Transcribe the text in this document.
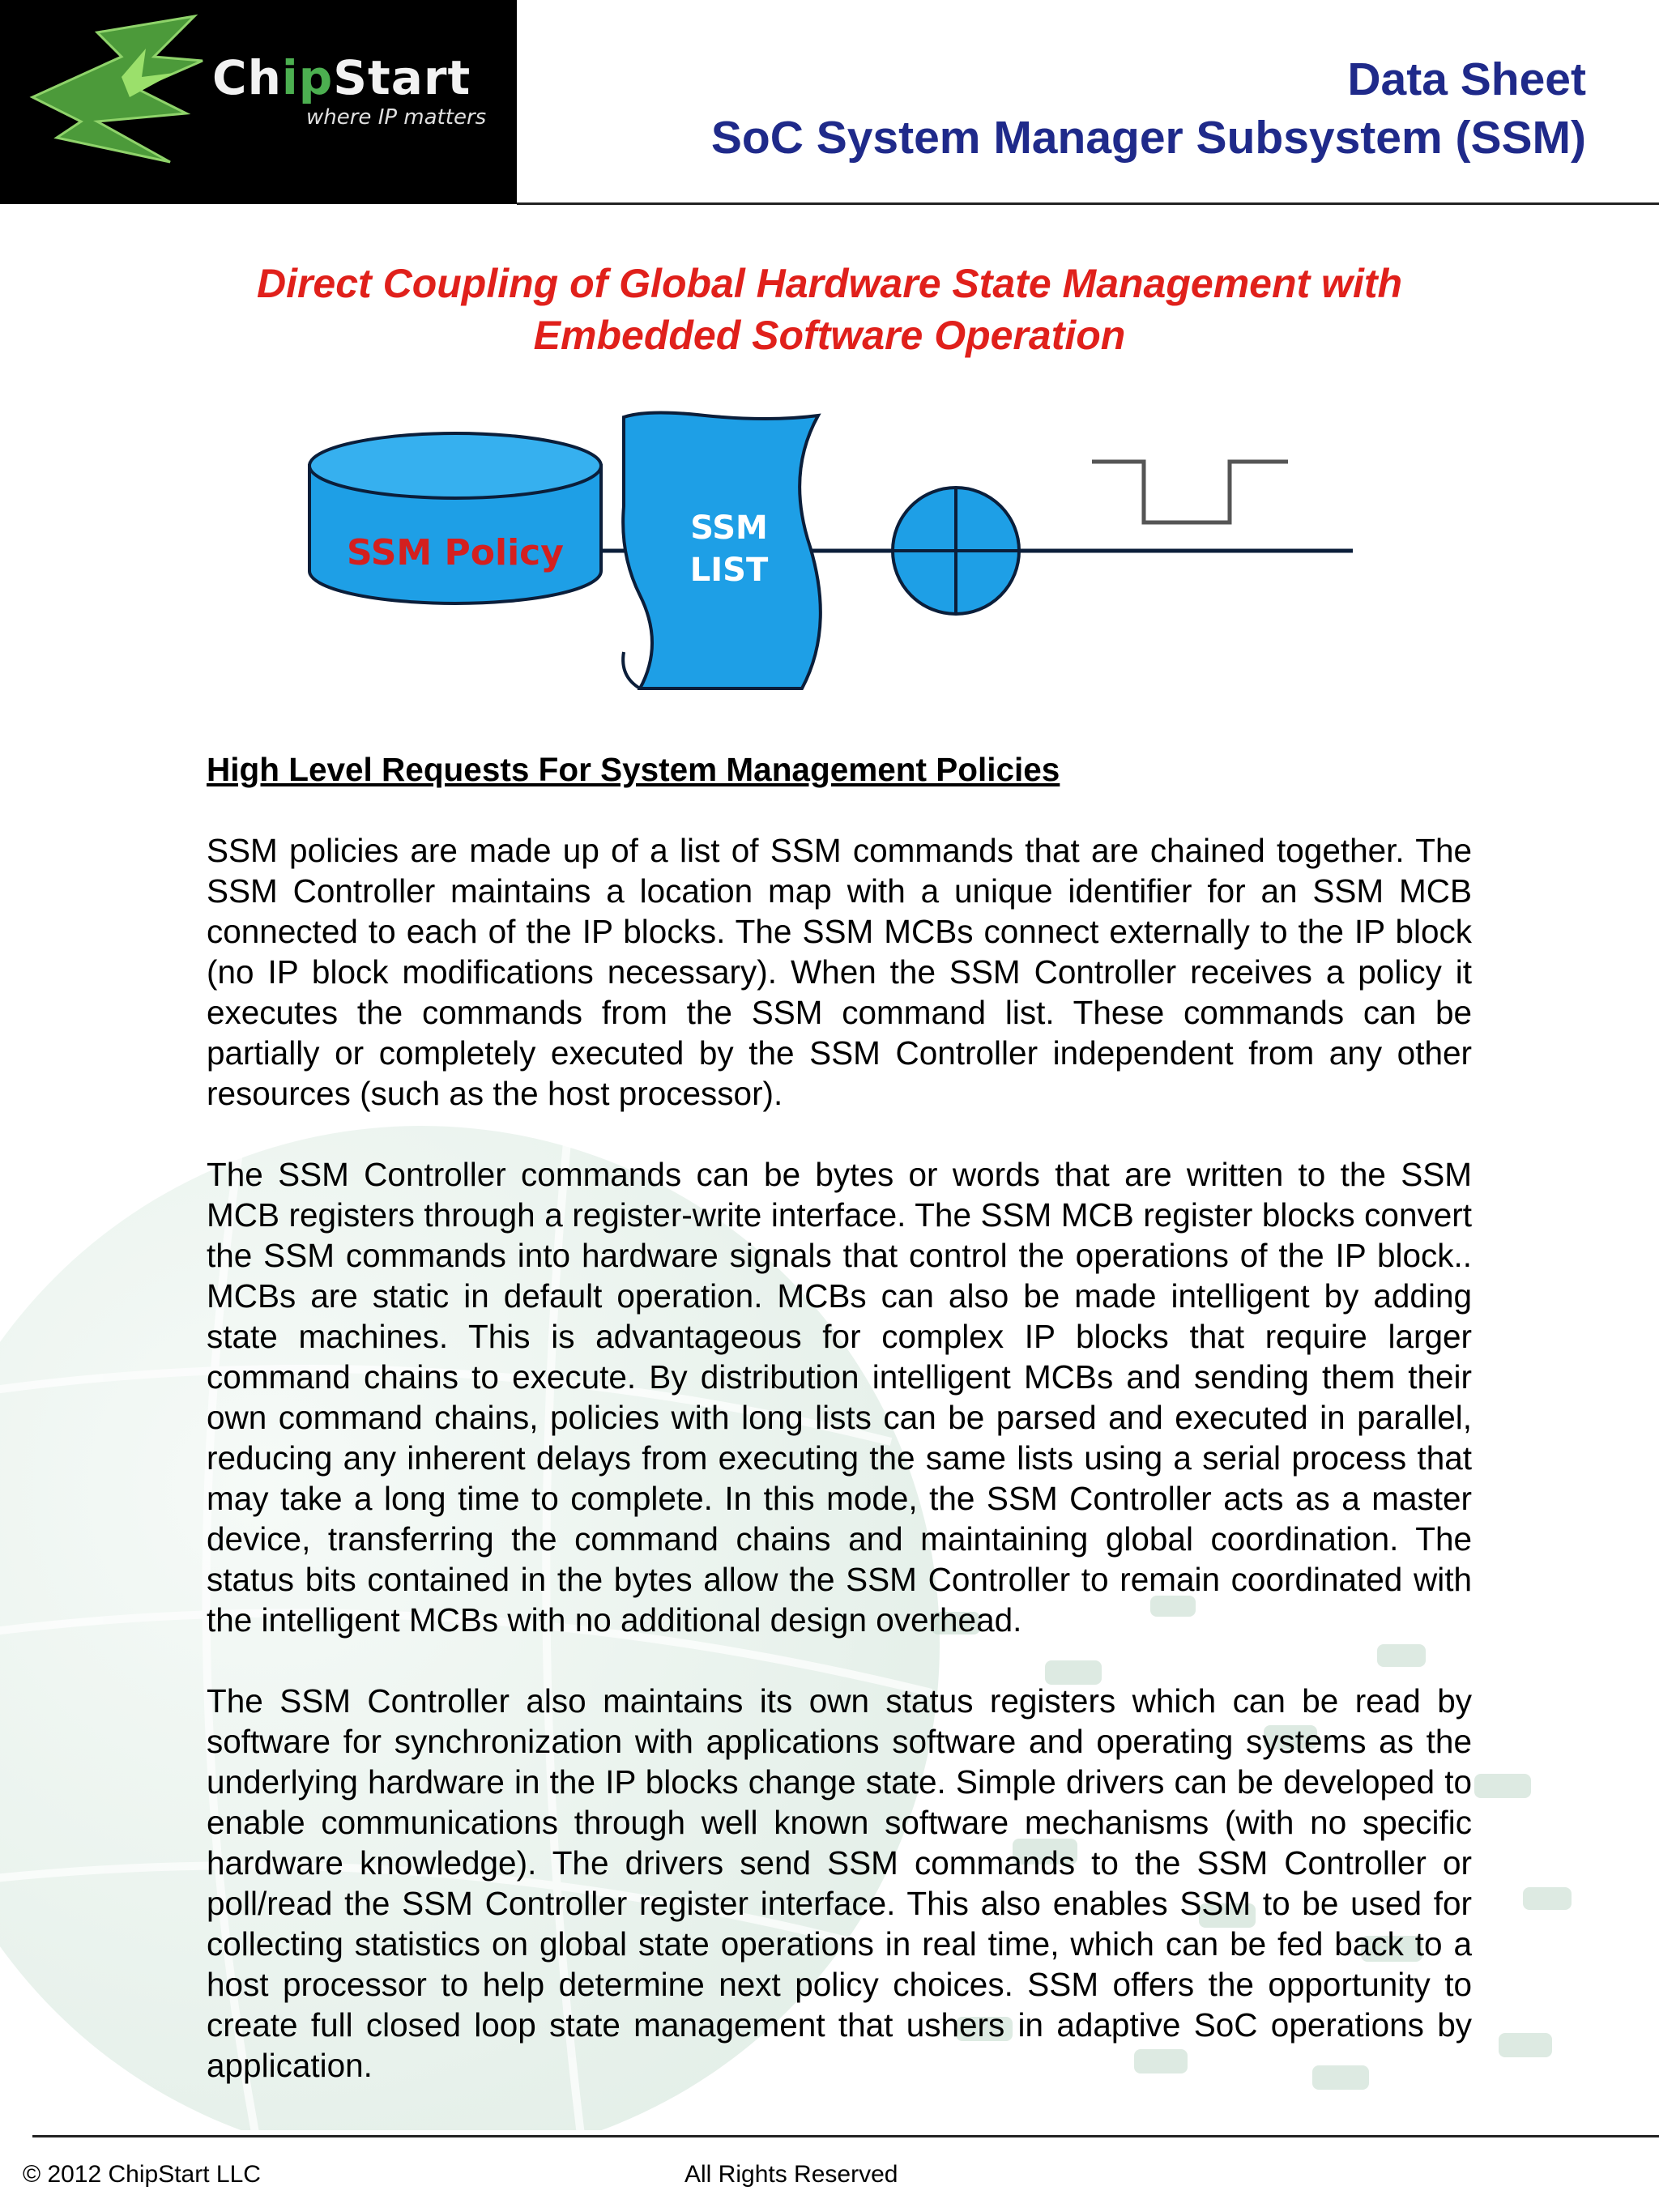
ChipStart
where IP matters
Data Sheet
SoC System Manager Subsystem (SSM)
Direct Coupling of Global Hardware State Management with
Embedded Software Operation
SSM Policy
SSM
LIST
High Level Requests For System Management Policies

SSM policies are made up of a list of SSM commands that are chained together. The SSM Controller maintains a location map with a unique identifier for an SSM MCB connected to each of the IP blocks. The SSM MCBs connect externally to the IP block (no IP block modifications necessary). When the SSM Controller receives a policy it executes the commands from the SSM command list. These commands can be partially or completely executed by the SSM Controller independent from any other resources (such as the host processor).

The SSM Controller commands can be bytes or words that are written to the SSM MCB registers through a register-write interface. The SSM MCB register blocks convert the SSM commands into hardware signals that control the operations of the IP block.. MCBs are static in default operation. MCBs can also be made intelligent by adding state machines. This is advantageous for complex IP blocks that require larger command chains to execute. By distribution intelligent MCBs and sending them their own command chains, policies with long lists can be parsed and executed in parallel, reducing any inherent delays from executing the same lists using a serial process that may take a long time to complete. In this mode, the SSM Controller acts as a master device, transferring the command chains and maintaining global coordination. The status bits contained in the bytes allow the SSM Controller to remain coordinated with the intelligent MCBs with no additional design overhead.

The SSM Controller also maintains its own status registers which can be read by software for synchronization with applications software and operating systems as the underlying hardware in the IP blocks change state. Simple drivers can be developed to enable communications through well known software mechanisms (with no specific hardware knowledge). The drivers send SSM commands to the SSM Controller or poll/read the SSM Controller register interface. This also enables SSM to be used for collecting statistics on global state operations in real time, which can be fed back to a host processor to help determine next policy choices. SSM offers the opportunity to create full closed loop state management that ushers in adaptive SoC operations by application.

© 2012 ChipStart LLC	All Rights Reserved
